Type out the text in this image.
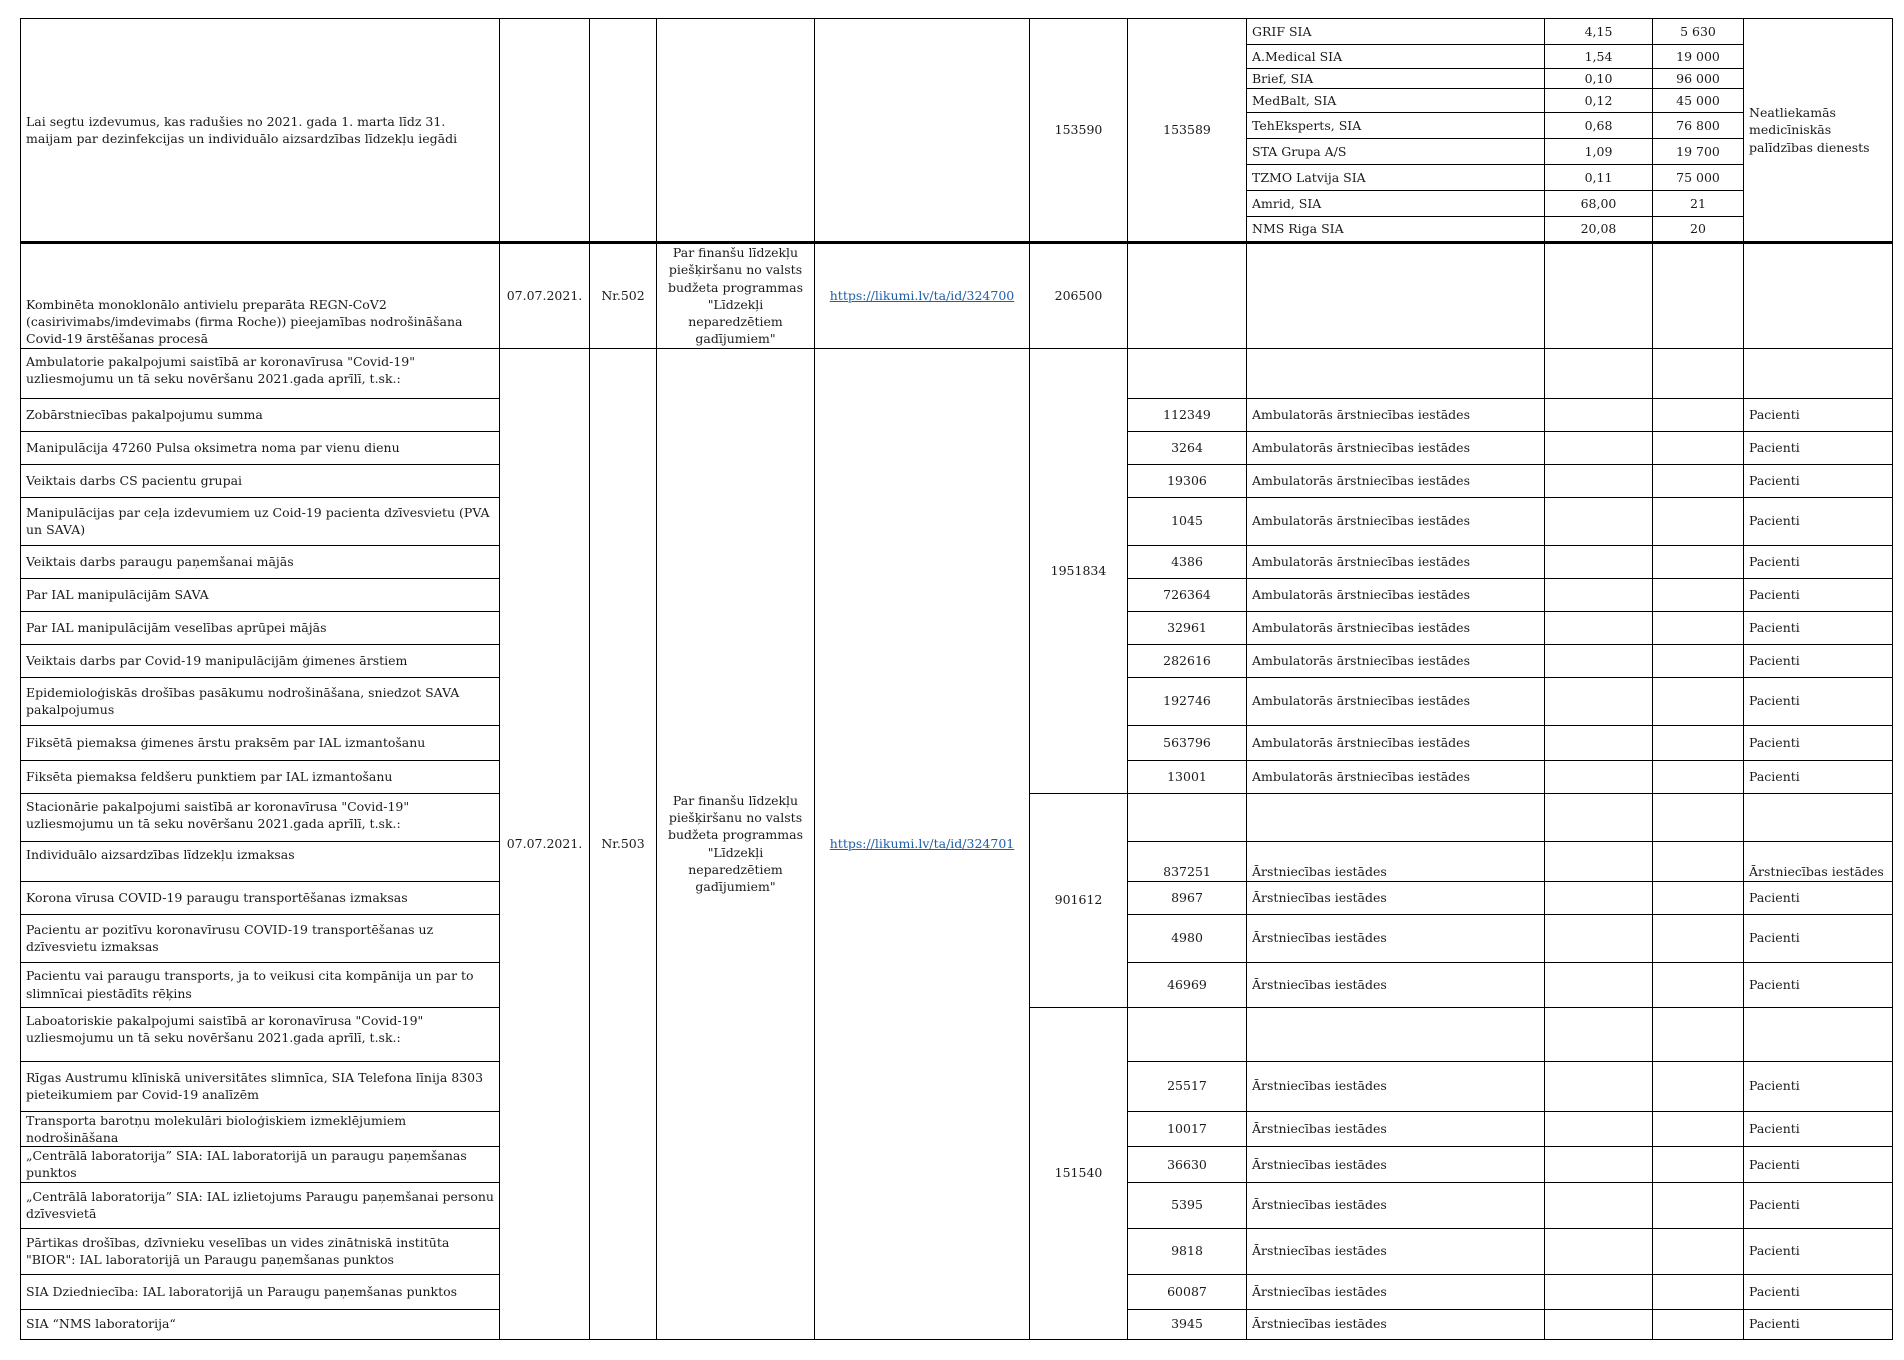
Lai segtu izdevumus, kas radušies no 2021. gada 1. marta līdz 31. maijam par dezinfekcijas un individuālo aizsardzības līdzekļu iegādi					153590	153589	GRIF SIA	4,15	5 630	Neatliekamās medicīniskās palīdzības dienests
							A.Medical SIA	1,54	19 000	
							Brief, SIA	0,10	96 000	
							MedBalt, SIA	0,12	45 000	
							TehEksperts, SIA	0,68	76 800	
							STA Grupa A/S	1,09	19 700	
							TZMO Latvija SIA	0,11	75 000	
							Amrid, SIA	68,00	21	
							NMS Riga SIA	20,08	20	
Kombinēta monoklonālo antivielu preparāta REGN-CoV2 (casirivimabs/imdevimabs (firma Roche)) pieejamības nodrošināšana Covid-19 ārstēšanas procesā	07.07.2021.	Nr.502	Par finanšu līdzekļu piešķiršanu no valsts budžeta programmas "Līdzekļi neparedzētiem gadījumiem"	https://likumi.lv/ta/id/324700	206500					
Ambulatorie pakalpojumi saistībā ar koronavīrusa "Covid-19" uzliesmojumu un tā seku novēršanu 2021.gada aprīlī, t.sk.:	07.07.2021.	Nr.503	Par finanšu līdzekļu piešķiršanu no valsts budžeta programmas "Līdzekļi neparedzētiem gadījumiem"	https://likumi.lv/ta/id/324701	1951834					
Zobārstniecības pakalpojumu summa						112349	Ambulatorās ārstniecības iestādes			Pacienti
Manipulācija 47260 Pulsa oksimetra noma par vienu dienu						3264	Ambulatorās ārstniecības iestādes			Pacienti
Veiktais darbs CS pacientu grupai						19306	Ambulatorās ārstniecības iestādes			Pacienti
Manipulācijas par ceļa izdevumiem uz Coid-19 pacienta dzīvesvietu (PVA un SAVA)						1045	Ambulatorās ārstniecības iestādes			Pacienti
Veiktais darbs paraugu paņemšanai mājās						4386	Ambulatorās ārstniecības iestādes			Pacienti
Par IAL manipulācijām SAVA						726364	Ambulatorās ārstniecības iestādes			Pacienti
Par IAL manipulācijām veselības aprūpei mājās						32961	Ambulatorās ārstniecības iestādes			Pacienti
Veiktais darbs par Covid-19 manipulācijām ģimenes ārstiem						282616	Ambulatorās ārstniecības iestādes			Pacienti
Epidemioloģiskās drošības pasākumu nodrošināšana, sniedzot SAVA pakalpojumus						192746	Ambulatorās ārstniecības iestādes			Pacienti
Fiksētā piemaksa ģimenes ārstu praksēm par IAL izmantošanu						563796	Ambulatorās ārstniecības iestādes			Pacienti
Fiksēta piemaksa feldšeru punktiem par IAL izmantošanu						13001	Ambulatorās ārstniecības iestādes			Pacienti
Stacionārie pakalpojumi saistībā ar koronavīrusa "Covid-19" uzliesmojumu un tā seku novēršanu 2021.gada aprīlī, t.sk.:					901612					
Individuālo aizsardzības līdzekļu izmaksas						837251	Ārstniecības iestādes			Ārstniecības iestādes
Korona vīrusa COVID-19 paraugu transportēšanas izmaksas						8967	Ārstniecības iestādes			Pacienti
Pacientu ar pozitīvu koronavīrusu COVID-19 transportēšanas uz dzīvesvietu izmaksas						4980	Ārstniecības iestādes			Pacienti
Pacientu vai paraugu transports, ja to veikusi cita kompānija un par to slimnīcai piestādīts rēķins						46969	Ārstniecības iestādes			Pacienti
Laboatoriskie pakalpojumi saistībā ar koronavīrusa "Covid-19" uzliesmojumu un tā seku novēršanu 2021.gada aprīlī, t.sk.:					151540					
Rīgas Austrumu klīniskā universitātes slimnīca, SIA Telefona līnija 8303 pieteikumiem par Covid-19 analīzēm						25517	Ārstniecības iestādes			Pacienti
Transporta barotņu molekulāri bioloģiskiem izmeklējumiem nodrošināšana						10017	Ārstniecības iestādes			Pacienti
„Centrālā laboratorija” SIA: IAL laboratorijā un paraugu paņemšanas punktos						36630	Ārstniecības iestādes			Pacienti
„Centrālā laboratorija” SIA: IAL izlietojums Paraugu paņemšanai personu dzīvesvietā						5395	Ārstniecības iestādes			Pacienti
Pārtikas drošības, dzīvnieku veselības un vides zinātniskā institūta "BIOR": IAL laboratorijā un Paraugu paņemšanas punktos						9818	Ārstniecības iestādes			Pacienti
SIA Dziedniecība: IAL laboratorijā un Paraugu paņemšanas punktos						60087	Ārstniecības iestādes			Pacienti
SIA “NMS laboratorija“						3945	Ārstniecības iestādes			Pacienti
